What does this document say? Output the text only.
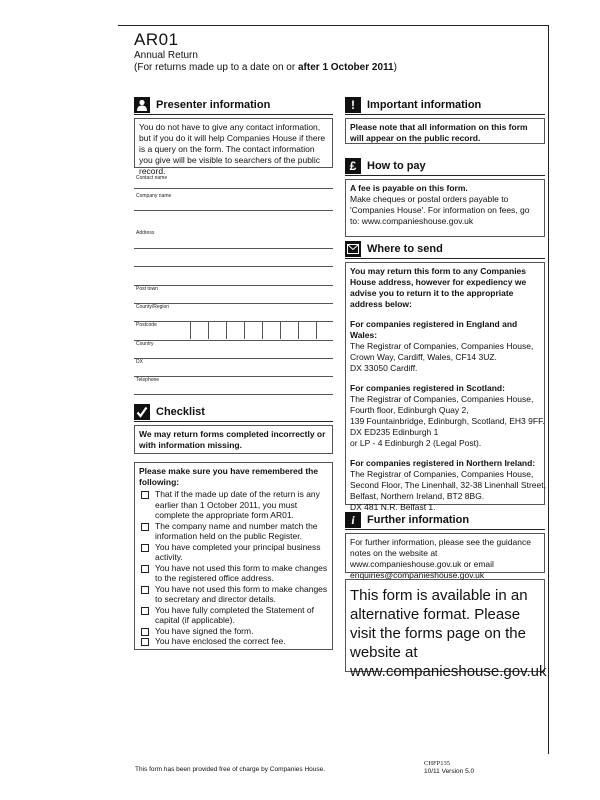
AR01
Annual Return
(For returns made up to a date on or after 1 October 2011)
Presenter information
You do not have to give any contact information, but if you do it will help Companies House if there is a query on the form. The contact information you give will be visible to searchers of the public record.
Contact name
Company name
Address
Post town
County/Region
Postcode
Country
DX
Telephone
Checklist
We may return forms completed incorrectly or with information missing.
Please make sure you have remembered the following:
That if the made up date of the return is any earlier than 1 October 2011, you must complete the appropriate form AR01.
The company name and number match the information held on the public Register.
You have completed your principal business activity.
You have not used this form to make changes to the registered office address.
You have not used this form to make changes to secretary and director details.
You have fully completed the Statement of capital (if applicable).
You have signed the form.
You have enclosed the correct fee.
!	Important information
Please note that all information on this form will appear on the public record.
£ How to pay
A fee is payable on this form.
Make cheques or postal orders payable to 'Companies House'. For information on fees, go to: www.companieshouse.gov.uk
Where to send
You may return this form to any Companies House address, however for expediency we advise you to return it to the appropriate address below:
For companies registered in England and Wales:
The Registrar of Companies, Companies House,
Crown Way, Cardiff, Wales, CF14 3UZ.
DX 33050 Cardiff.
For companies registered in Scotland:
The Registrar of Companies, Companies House,
Fourth floor, Edinburgh Quay 2,
139 Fountainbridge, Edinburgh, Scotland, EH3 9FF.
DX ED235 Edinburgh 1
or LP - 4 Edinburgh 2 (Legal Post).
For companies registered in Northern Ireland:
The Registrar of Companies, Companies House,
Second Floor, The Linenhall, 32-38 Linenhall Street,
Belfast, Northern Ireland, BT2 8BG.
DX 481 N.R. Belfast 1.
i	Further information
For further information, please see the guidance notes on the website at www.companieshouse.gov.uk or email enquiries@companieshouse.gov.uk
This form is available in an alternative format. Please visit the forms page on the website at www.companieshouse.gov.uk
This form has been provided free of charge by Companies House.
CHFP135
10/11 Version 5.0
